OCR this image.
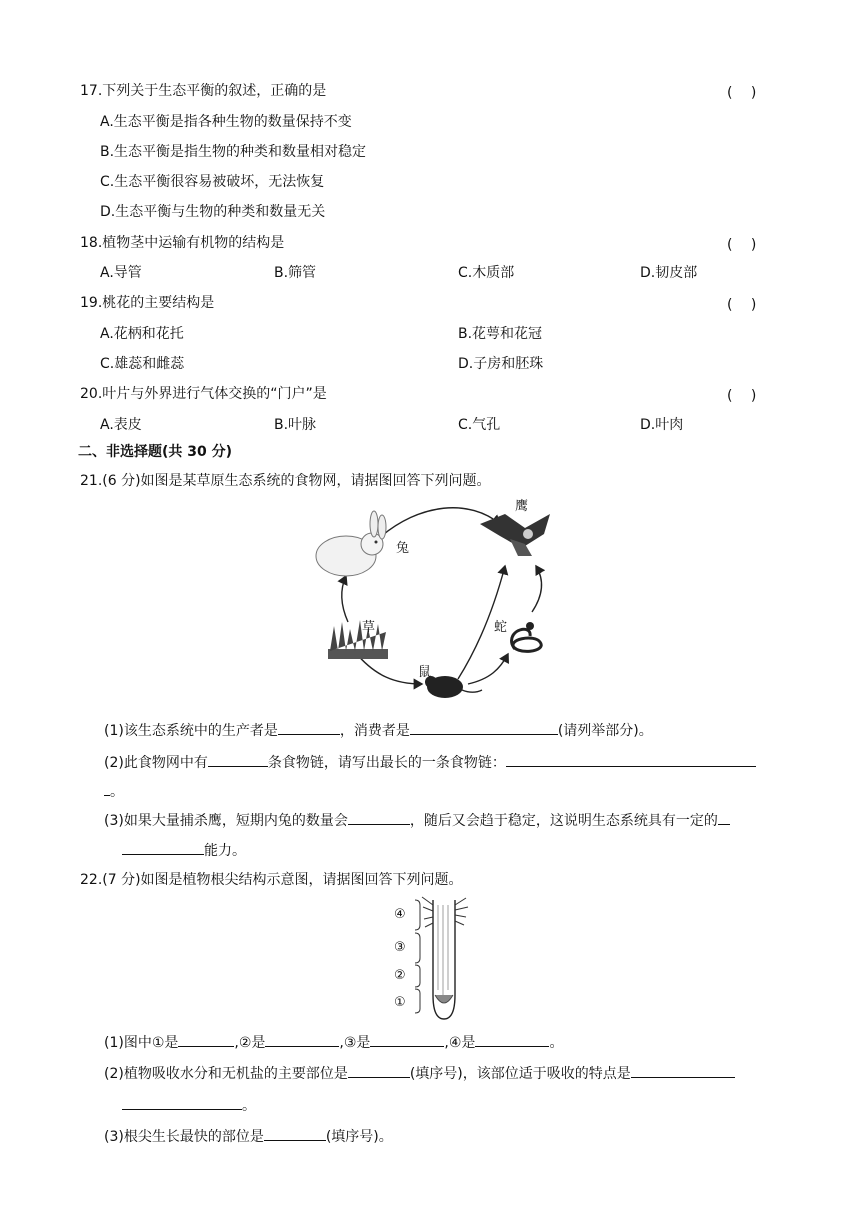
17.下列关于生态平衡的叙述，正确的是	(　 )
A.生态平衡是指各种生物的数量保持不变
B.生态平衡是指生物的种类和数量相对稳定
C.生态平衡很容易被破坏，无法恢复
D.生态平衡与生物的种类和数量无关
18.植物茎中运输有机物的结构是	(　 )
A.导管	B.筛管	C.木质部	D.韧皮部
19.桃花的主要结构是	(　 )
A.花柄和花托	B.花萼和花冠
C.雄蕊和雌蕊	D.子房和胚珠
20.叶片与外界进行气体交换的“门户”是	(　 )
A.表皮	B.叶脉	C.气孔	D.叶肉
二、非选择题(共 30 分)
21.(6 分)如图是某草原生态系统的食物网，请据图回答下列问题。
兔
鹰
草	蛇
鼠
(1)该生态系统中的生产者是	，消费者是	(请列举部分)。
(2)此食物网中有	条食物链，请写出最长的一条食物链：
。
(3)如果大量捕杀鹰，短期内兔的数量会	，随后又会趋于稳定，这说明生态系统具有一定的
能力。
22.(7 分)如图是植物根尖结构示意图，请据图回答下列问题。
④
③
②
①
(1)图中①是	,②是	,③是	,④是	。
(2)植物吸收水分和无机盐的主要部位是	(填序号)，该部位适于吸收的特点是
。
(3)根尖生长最快的部位是	(填序号)。
